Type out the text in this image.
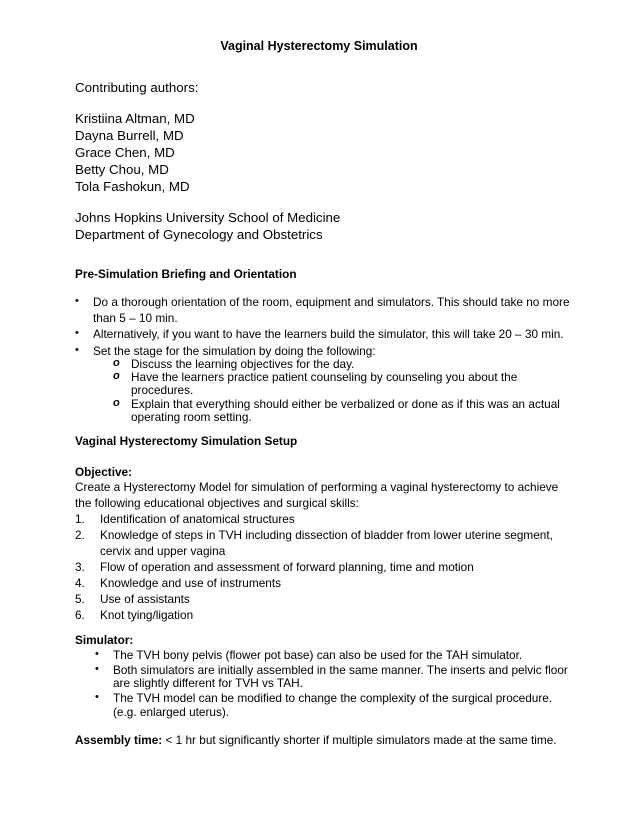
Vaginal Hysterectomy Simulation
Contributing authors:
Kristiina Altman, MD
Dayna Burrell, MD
Grace Chen, MD
Betty Chou, MD
Tola Fashokun, MD
Johns Hopkins University School of Medicine
Department of Gynecology and Obstetrics
Pre-Simulation Briefing and Orientation
• Do a thorough orientation of the room, equipment and simulators. This should take no more
than 5 – 10 min.
• Alternatively, if you want to have the learners build the simulator, this will take 20 – 30 min.
• Set the stage for the simulation by doing the following:
o Discuss the learning objectives for the day.
o Have the learners practice patient counseling by counseling you about the
procedures.
o Explain that everything should either be verbalized or done as if this was an actual
operating room setting.
Vaginal Hysterectomy Simulation Setup
Objective:
Create a Hysterectomy Model for simulation of performing a vaginal hysterectomy to achieve
the following educational objectives and surgical skills:
1. Identification of anatomical structures
2. Knowledge of steps in TVH including dissection of bladder from lower uterine segment,
cervix and upper vagina
3. Flow of operation and assessment of forward planning, time and motion
4. Knowledge and use of instruments
5. Use of assistants
6. Knot tying/ligation
Simulator:
• The TVH bony pelvis (flower pot base) can also be used for the TAH simulator.
• Both simulators are initially assembled in the same manner. The inserts and pelvic floor
are slightly different for TVH vs TAH.
• The TVH model can be modified to change the complexity of the surgical procedure.
(e.g. enlarged uterus).
Assembly time: < 1 hr but significantly shorter if multiple simulators made at the same time.
